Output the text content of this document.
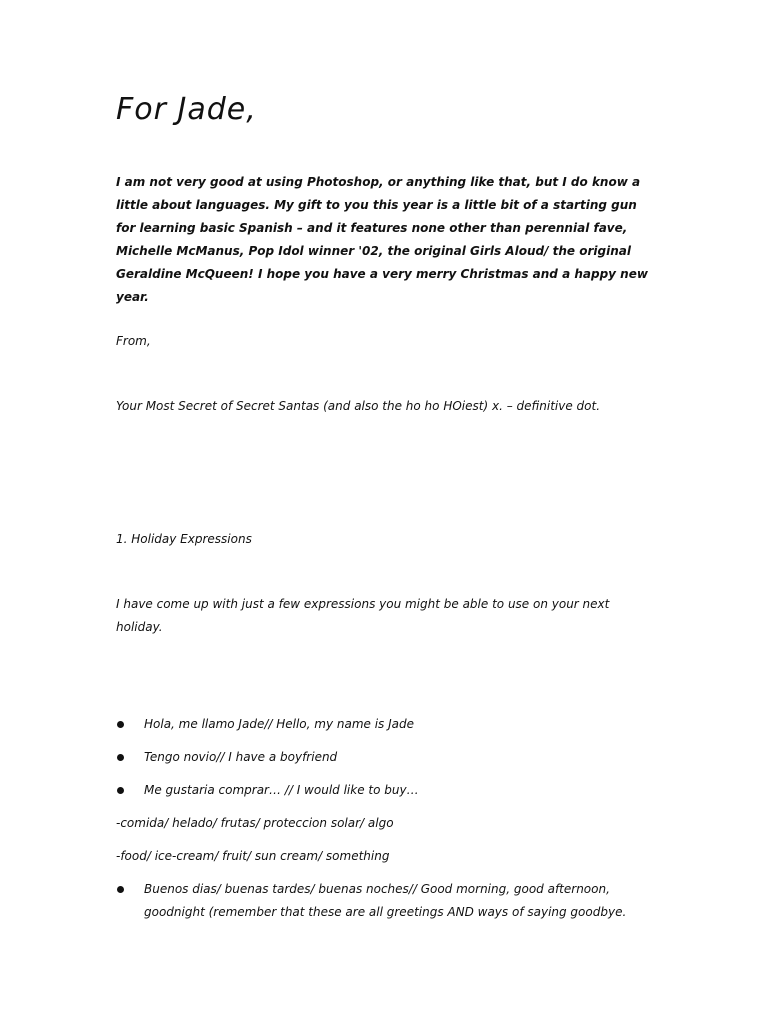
For Jade,

I am not very good at using Photoshop, or anything like that, but I do know a little about languages. My gift to you this year is a little bit of a starting gun for learning basic Spanish – and it features none other than perennial fave, Michelle McManus, Pop Idol winner '02, the original Girls Aloud/ the original Geraldine McQueen! I hope you have a very merry Christmas and a happy new year.

From,

Your Most Secret of Secret Santas (and also the ho ho HOiest) x. – definitive dot.

1. Holiday Expressions

I have come up with just a few expressions you might be able to use on your next holiday.

Hola, me llamo Jade// Hello, my name is Jade
Tengo novio// I have a boyfriend
Me gustaria comprar… // I would like to buy…

-comida/ helado/ frutas/ proteccion solar/ algo

-food/ ice-cream/ fruit/ sun cream/ something

Buenos dias/ buenas tardes/ buenas noches// Good morning, good afternoon, goodnight (remember that these are all greetings AND ways of saying goodbye.
